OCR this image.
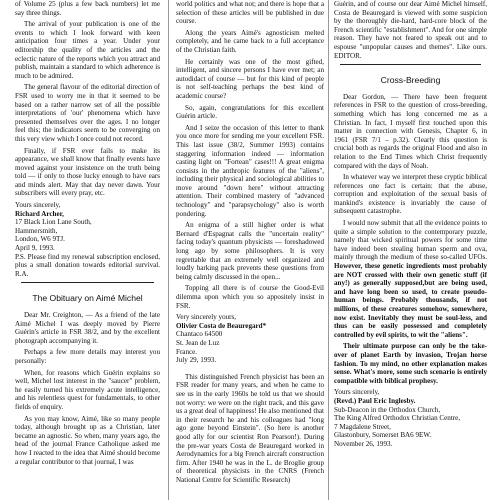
of Volume 25 (plus a few back numbers) let me say three things.

The arrival of your publication is one of the events to which I look forward with keen anticipation four times a year. Under your editorship the quality of the articles and the eclectic nature of the reports which you attract and publish, maintain a standard to which adherence is much to be admired.

The general flavour of the editorial direction of FSR used to worry me in that it seemed to be based on a rather narrow set of all the possible interpretations of 'our' phenomena which have presented themselves over the ages. I no longer feel this; the indicators seem to be converging on this very view which I once could not record.

Finally, if FSR ever fails to make its appearance, we shall know that finally events have moved against your insistence on the truth being told — if only to those lucky enough to have ears and minds alert. May that day never dawn. Your subscribers will every pray, etc.

Yours sincerely,
Richard Archer,
17 Black Lion Lane South,
Hammersmith,
London, W6 9TJ.
April 9, 1993.

P.S. Please find my renewal subscription enclosed, plus a small donation towards editorial survival. R.A.

The Obituary on Aimé Michel

Dear Mr. Creighton, — As a friend of the late Aimé Michel I was deeply moved by Pierre Guérin's article in FSR 38/2, and by the excellent photograph accompanying it.

Perhaps a few more details may interest you personally:

When, for reasons which Guérin explains so well, Michel lost interest in the "saucer" problem, he easily turned his extremely acute intelligence, and his relentless quest for fundamentals, to other fields of enquiry.

As you may know, Aimé, like so many people today, although brought up as a Christian, later became an agnostic. So when, many years ago, the head of the journal France Catholique asked me how I reacted to the idea that Aimé should become a regular contributor to that journal, I was

world politics and what not; and there is hope that a selection of these articles will be published in due course.

Along the years Aimé's agnosticism melted completely, and he came back to a full acceptance of the Christian faith.

He certainly was one of the most gifted, intelligent, and sincere persons I have ever met; an autodidact of course — but for this kind of people is not self-teaching perhaps the best kind of academic course?

So, again, congratulations for this excellent Guérin article.

And I seize the occasion of this letter to thank you once more for sending me your excellent FSR. This last issue (38/2, Summer 1993) contains staggering information indeed — information casting light on "Fortean" cases!!! A great enigma consists in the anthropic features of the "aliens", including their physical and sociological abilities to move around "down here" without attracting attention. Their combined mastery of "advanced technology" and "parapsychology" also is worth pondering.

An enigma of a still higher order is what Bernard d'Espagnat calls the "uncertain reality" facing today's quantum physicists — foreshadowed long ago by some philosophers. It is very regrettable that an extremely well organized and loudly barking pack prevents these questions from being calmly discussed in the open...

Topping all there is of course the Good-Evil dilemma upon which you so appositely insist in FSR.

Very sincerely yours,
Olivier Costa de Beauregard*
Chantaco 64500
St. Jean de Luz
France.
July 29, 1993.

This distinguished French physicist has been an FSR reader for many years, and when he came to see us in the early 1960s he told us that we should not worry: we were on the right track, and this gave us a great deal of happiness! He also mentioned that in their research he and his colleagues had "long ago gone beyond Einstein". (So here is another good ally for our scientist Ron Pearson!). During the pre-war years Costa de Beauregard worked in Aerodynamics for a big French aircraft construction firm. After 1940 he was in the L. de Broglie group of theoretical physicists in the CNRS (French National Centre for Scientific Research)

Guérin, and of course our dear Aimé Michel himself, Costa de Beauregard is viewed with some suspicion by the thoroughly die-hard, hard-core block of the French scientific "establishment". And for one simple reason. They have not feared to speak out and to espouse "unpopular causes and themes". Like ours. EDITOR.

Cross-Breeding

Dear Gordon, — There have been frequent references in FSR to the question of cross-breeding, something which has long concerned me as a Christian. In fact, I myself first touched upon this matter in connection with Genesis, Chapter 6, in 1961 (FSR 7/1 – p.32). Clearly this question is crucial both as regards the original Flood and also in relation to the End Times which Christ frequently compared with the days of Noah.

In whatever way we interpret these cryptic biblical references one fact is certain: that the abuse, corruption and exploitation of the sexual basis of mankind's existence is invariably the cause of subsequent catastrophe.

I would now submit that all the evidence points to quite a simple solution to the contemporary puzzle, namely that wicked spiritual powers for some time have indeed been stealing human sperm and ova, mainly through the medium of these so-called UFOs. However, these genetic ingredients most probably are NOT crossed with their own genetic stuff (if any!) as generally supposed,but are being used, and have long been so used, to create pseudo-human beings. Probably thousands, if not millions, of these creatures somehow, somewhere, now exist. Inevitably they must be soul-less, and thus can be easily possessed and completely controlled by evil spirits, to wit the "aliens".

Their ultimate purpose can only be the take-over of planet Earth by invasion, Trojan horse fashion. To my mind, no other explanation makes sense. What's more, some such scenario is entirely compatible with biblical prophesy.

Yours sincerely,
(Revd.) Paul Eric Inglesby.
Sub-Deacon in the Orthodox Church,
The King Alfred Orthodox Christian Centre,
7 Magdalene Street,
Glastonbury, Somerset BA6 9EW.
November 26, 1993.
